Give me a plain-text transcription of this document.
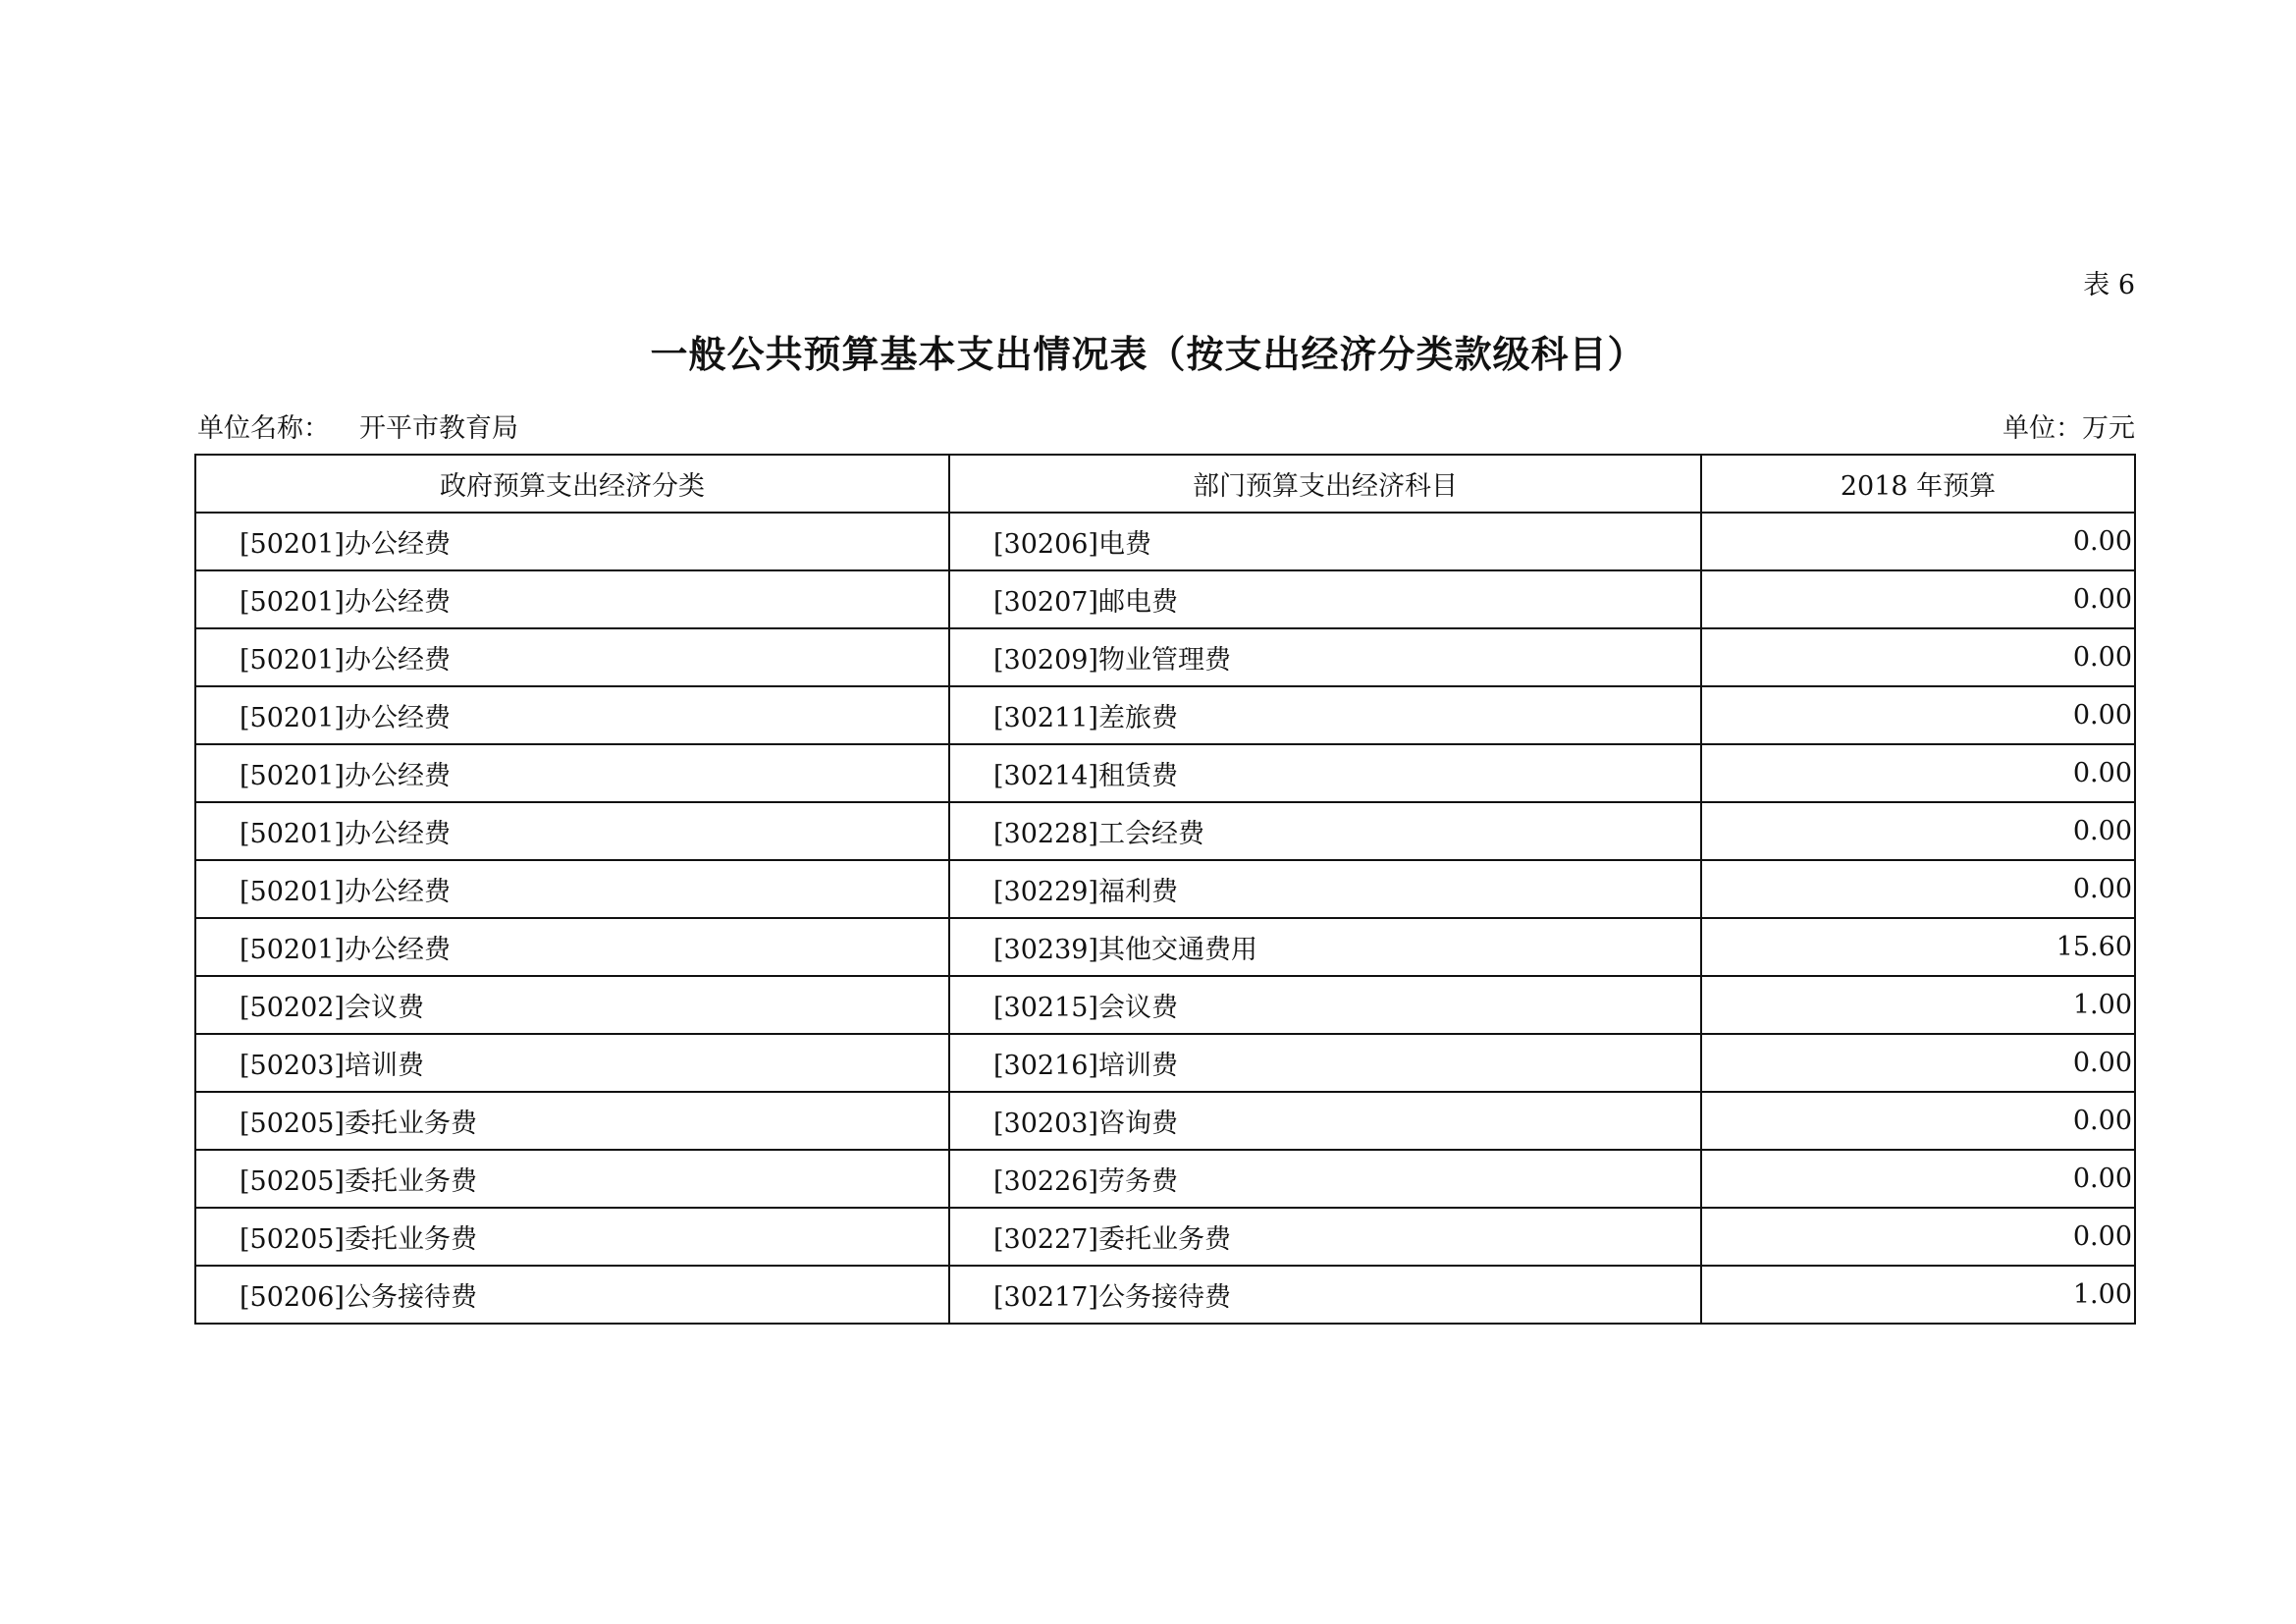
表 6
一般公共预算基本支出情况表（按支出经济分类款级科目）
单位名称： 开平市教育局	单位：万元
政府预算支出经济分类	部门预算支出经济科目	2018 年预算
[50201]办公经费	[30206]电费	0.00
[50201]办公经费	[30207]邮电费	0.00
[50201]办公经费	[30209]物业管理费	0.00
[50201]办公经费	[30211]差旅费	0.00
[50201]办公经费	[30214]租赁费	0.00
[50201]办公经费	[30228]工会经费	0.00
[50201]办公经费	[30229]福利费	0.00
[50201]办公经费	[30239]其他交通费用	15.60
[50202]会议费	[30215]会议费	1.00
[50203]培训费	[30216]培训费	0.00
[50205]委托业务费	[30203]咨询费	0.00
[50205]委托业务费	[30226]劳务费	0.00
[50205]委托业务费	[30227]委托业务费	0.00
[50206]公务接待费	[30217]公务接待费	1.00
